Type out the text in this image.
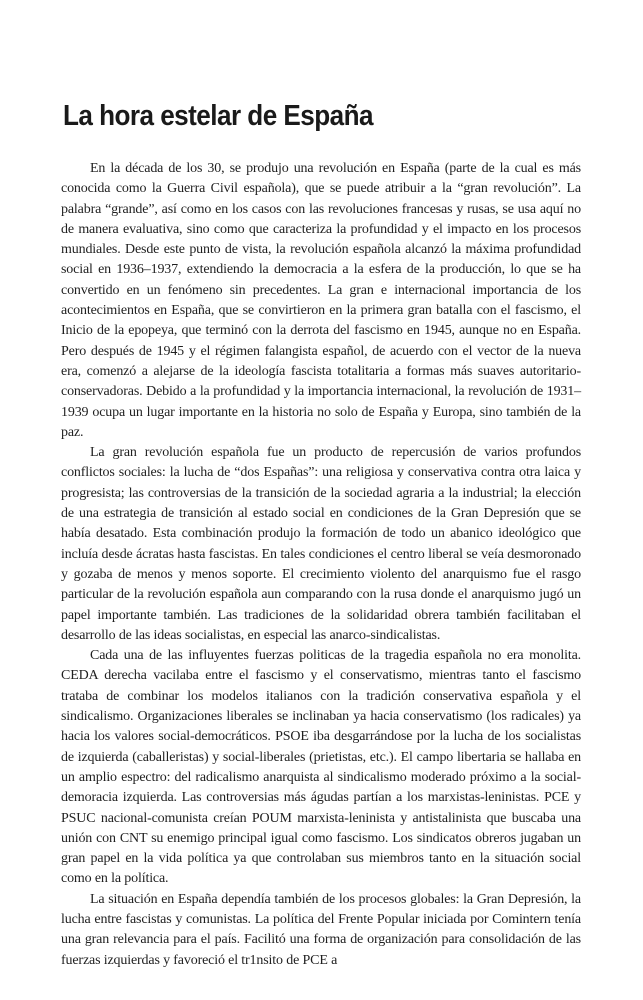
La hora estelar de España

En la década de los 30, se produjo una revolución en España (parte de la cual es más conocida como la Guerra Civil española), que se puede atribuir a la “gran revolución”. La palabra “grande”, así como en los casos con las revoluciones francesas y rusas, se usa aquí no de manera evaluativa, sino como que caracteriza la profundidad y el impacto en los procesos mundiales. Desde este punto de vista, la revolución española alcanzó la máxima profundidad social en 1936–1937, extendiendo la democracia a la esfera de la producción, lo que se ha convertido en un fenómeno sin precedentes. La gran e internacional importancia de los acontecimientos en España, que se convirtieron en la primera gran batalla con el fascismo, el Inicio de la epopeya, que terminó con la derrota del fascismo en 1945, aunque no en España. Pero después de 1945 y el régimen falangista español, de acuerdo con el vector de la nueva era, comenzó a alejarse de la ideología fascista totalitaria a formas más suaves autoritario-conservadoras. Debido a la profundidad y la importancia internacional, la revolución de 1931–1939 ocupa un lugar importante en la historia no solo de España y Europa, sino también de la paz.

La gran revolución española fue un producto de repercusión de varios profundos conflictos sociales: la lucha de “dos Españas”: una religiosa y conservativa contra otra laica y progresista; las controversias de la transición de la sociedad agraria a la industrial; la elección de una estrategia de transición al estado social en condiciones de la Gran Depresión que se había desatado. Esta combinación produjo la formación de todo un abanico ideológico que incluía desde ácratas hasta fascistas. En tales condiciones el centro liberal se veía desmoronado y gozaba de menos y menos soporte. El crecimiento violento del anarquismo fue el rasgo particular de la revolución española aun comparando con la rusa donde el anarquismo jugó un papel importante también. Las tradiciones de la solidaridad obrera también facilitaban el desarrollo de las ideas socialistas, en especial las anarco-sindicalistas.

Cada una de las influyentes fuerzas politicas de la tragedia española no era monolita. CEDA derecha vacilaba entre el fascismo y el conservatismo, mientras tanto el fascismo trataba de combinar los modelos italianos con la tradición conservativa española y el sindicalismo. Organizaciones liberales se inclinaban ya hacia conservatismo (los radicales) ya hacia los valores social-democráticos. PSOE iba desgarrándose por la lucha de los socialistas de izquierda (caballeristas) y social-liberales (prietistas, etc.). El campo libertaria se hallaba en un amplio espectro: del radicalismo anarquista al sindicalismo moderado próximo a la social-demoracia izquierda. Las controversias más águdas partían a los marxistas-leninistas. PCE y PSUC nacional-comunista creían POUM marxista-leninista y antistalinista que buscaba una unión con CNT su enemigo principal igual como fascismo. Los sindicatos obreros jugaban un gran papel en la vida política ya que controlaban sus miembros tanto en la situación social como en la política.

La situación en España dependía también de los procesos globales: la Gran Depresión, la lucha entre fascistas y comunistas. La política del Frente Popular iniciada por Comintern tenía una gran relevancia para el país. Facilitó una forma de organización para consolidación de las fuerzas izquierdas y favoreció el tr1nsito de PCE a
